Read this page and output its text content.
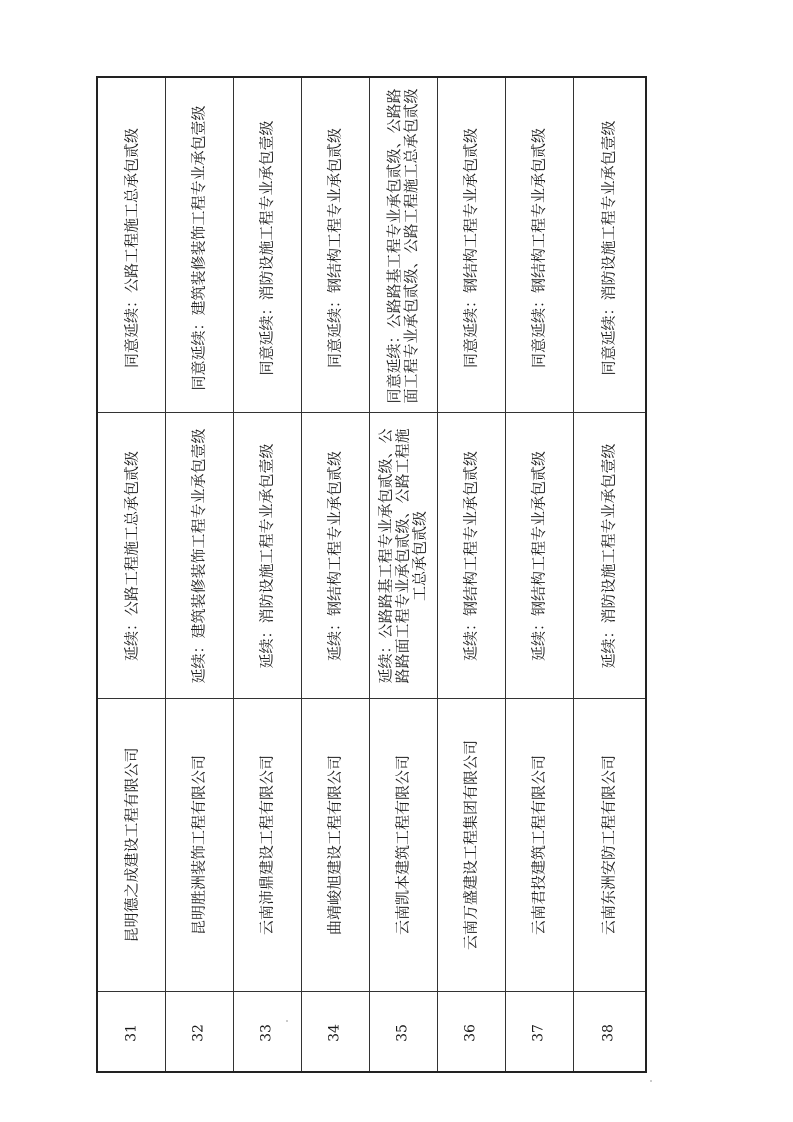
同意延续：公路工程施工总承包贰级
延续：公路工程施工总承包贰级
昆明德之成建设工程有限公司
31
同意延续：建筑装修装饰工程专业承包壹级
延续：建筑装修装饰工程专业承包壹级
昆明胜洲装饰工程有限公司
32
同意延续：消防设施工程专业承包壹级
延续：消防设施工程专业承包壹级
云南沛鼎建设工程有限公司
33
同意延续：钢结构工程专业承包贰级
延续：钢结构工程专业承包贰级
曲靖峻旭建设工程有限公司
34
同意延续：公路路基工程专业承包贰级、公路路 面工程专业承包贰级、公路工程施工总承包贰级
延续：公路路基工程专业承包贰级、公 路路面工程专业承包贰级、公路工程施 工总承包贰级
云南凯本建筑工程有限公司
35
同意延续：钢结构工程专业承包贰级
延续：钢结构工程专业承包贰级
云南万盛建设工程集团有限公司
36
同意延续：钢结构工程专业承包贰级
延续：钢结构工程专业承包贰级
云南君投建筑工程有限公司
37
同意延续：消防设施工程专业承包壹级
延续：消防设施工程专业承包壹级
云南东洲安防工程有限公司
38
